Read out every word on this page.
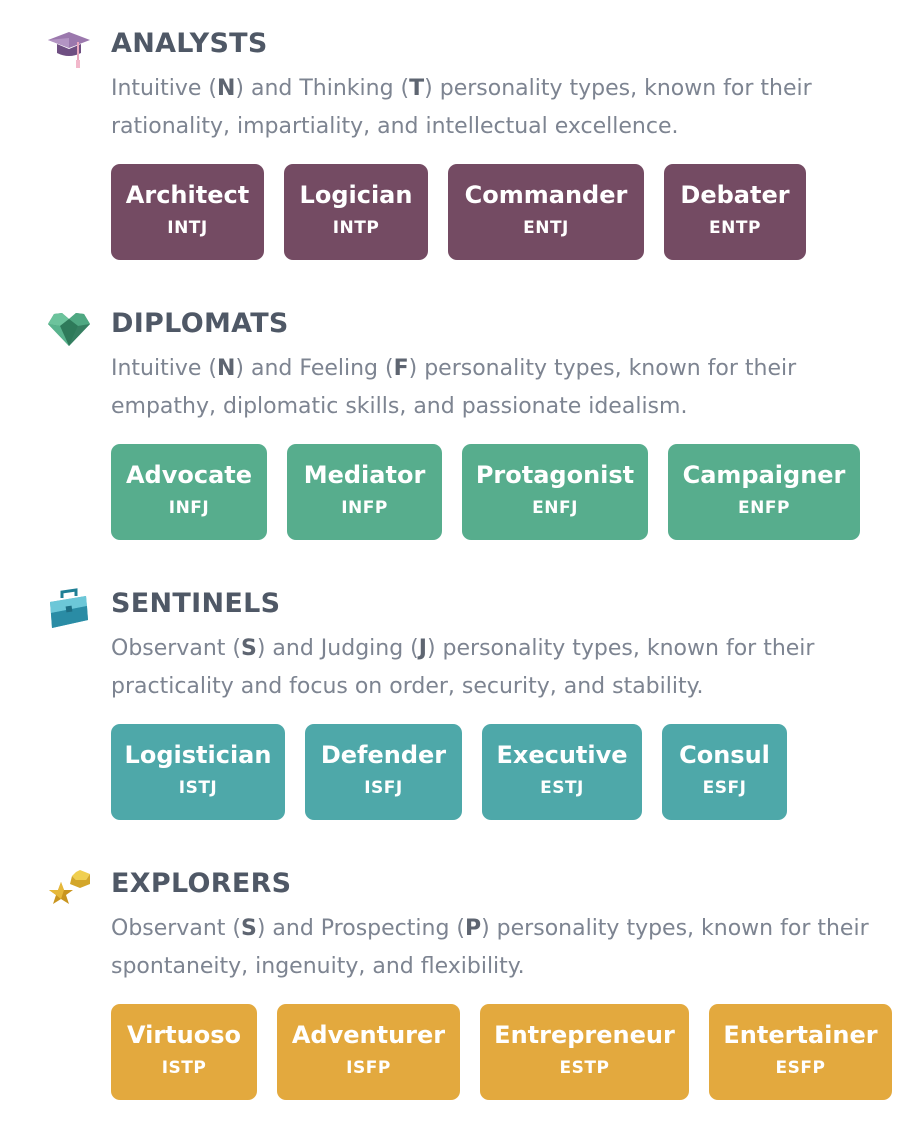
ANALYSTS
Intuitive (N) and Thinking (T) personality types, known for their rationality, impartiality, and intellectual excellence.
Architect
INTJ
Logician
INTP
Commander
ENTJ
Debater
ENTP
DIPLOMATS
Intuitive (N) and Feeling (F) personality types, known for their empathy, diplomatic skills, and passionate idealism.
Advocate
INFJ
Mediator
INFP
Protagonist
ENFJ
Campaigner
ENFP
SENTINELS
Observant (S) and Judging (J) personality types, known for their practicality and focus on order, security, and stability.
Logistician
ISTJ
Defender
ISFJ
Executive
ESTJ
Consul
ESFJ
EXPLORERS
Observant (S) and Prospecting (P) personality types, known for their spontaneity, ingenuity, and flexibility.
Virtuoso
ISTP
Adventurer
ISFP
Entrepreneur
ESTP
Entertainer
ESFP
